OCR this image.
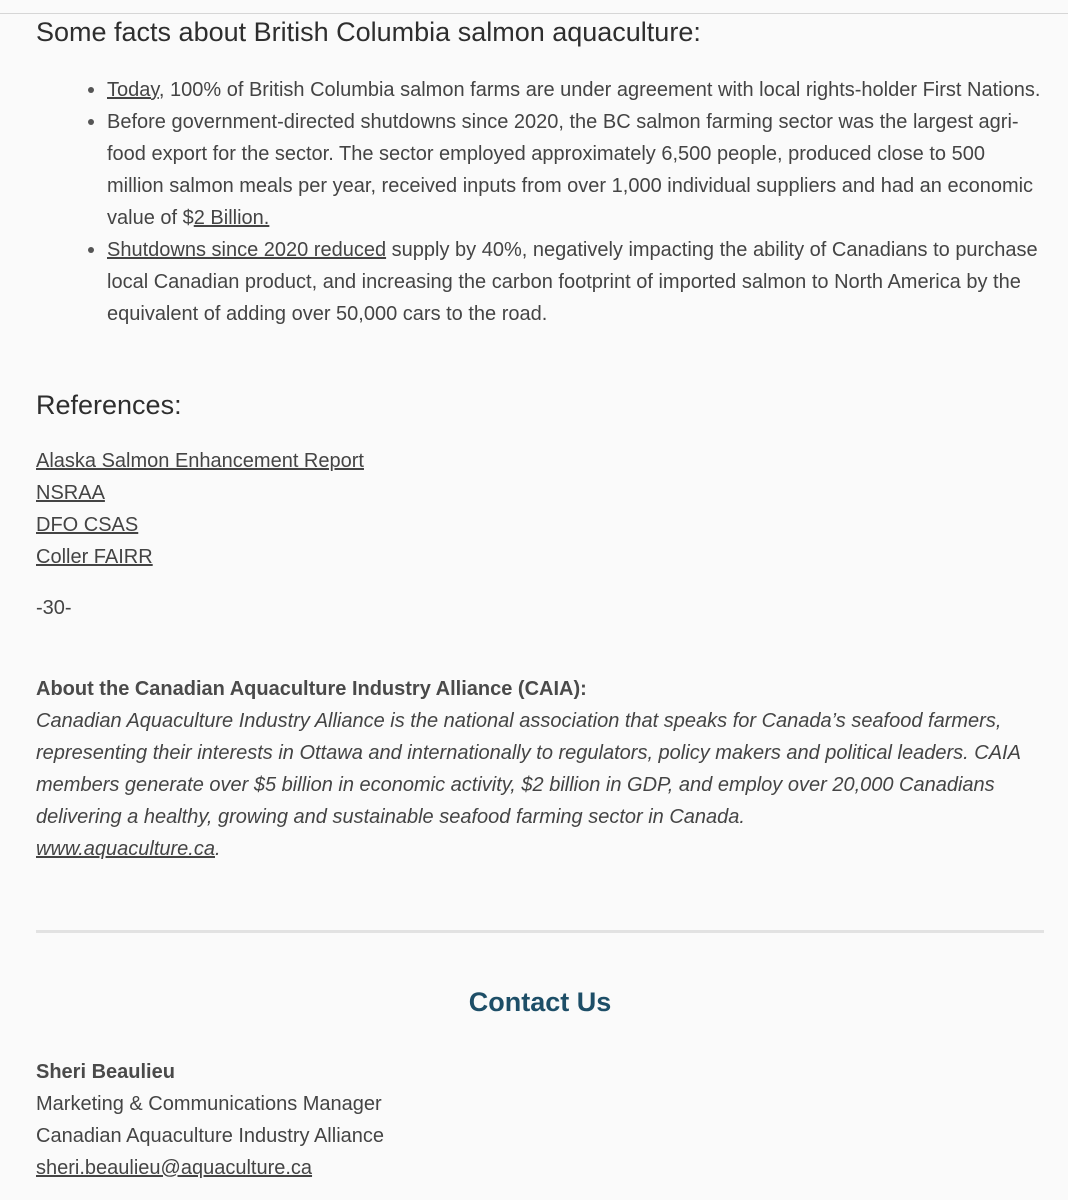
Some facts about British Columbia salmon aquaculture:
Today, 100% of British Columbia salmon farms are under agreement with local rights-holder First Nations.
Before government-directed shutdowns since 2020, the BC salmon farming sector was the largest agri-food export for the sector. The sector employed approximately 6,500 people, produced close to 500 million salmon meals per year, received inputs from over 1,000 individual suppliers and had an economic value of $2 Billion.
Shutdowns since 2020 reduced supply by 40%, negatively impacting the ability of Canadians to purchase local Canadian product, and increasing the carbon footprint of imported salmon to North America by the equivalent of adding over 50,000 cars to the road.
References:
Alaska Salmon Enhancement Report
NSRAA
DFO CSAS
Coller FAIRR
-30-
About the Canadian Aquaculture Industry Alliance (CAIA):
Canadian Aquaculture Industry Alliance is the national association that speaks for Canada’s seafood farmers, representing their interests in Ottawa and internationally to regulators, policy makers and political leaders. CAIA members generate over $5 billion in economic activity, $2 billion in GDP, and employ over 20,000 Canadians delivering a healthy, growing and sustainable seafood farming sector in Canada.
www.aquaculture.ca.
Contact Us
Sheri Beaulieu
Marketing & Communications Manager
Canadian Aquaculture Industry Alliance
sheri.beaulieu@aquaculture.ca
